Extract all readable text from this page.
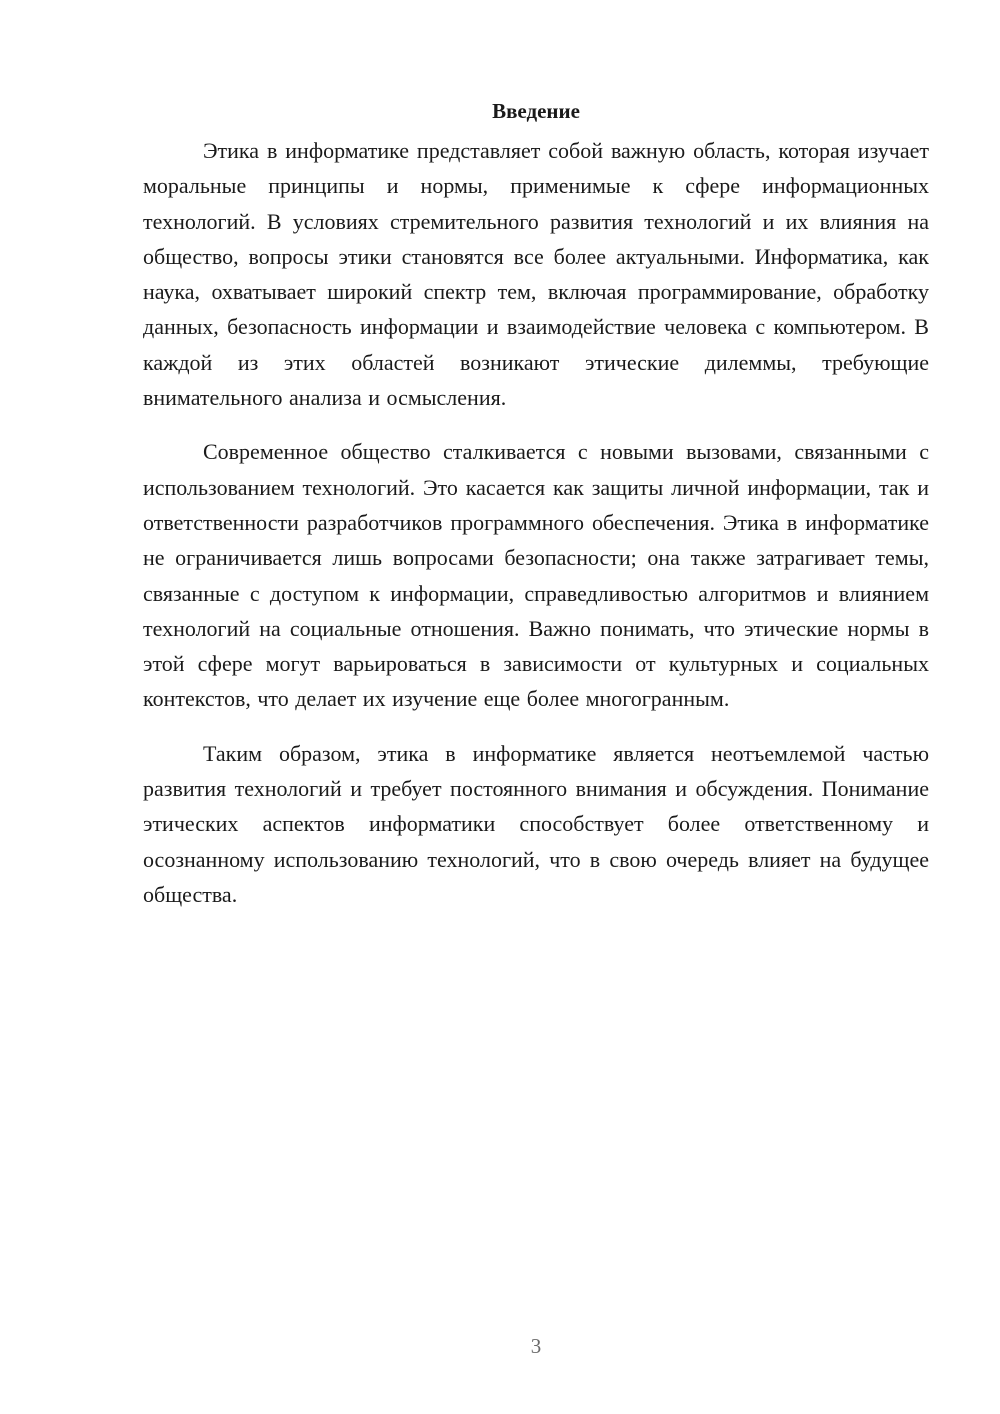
Введение

Этика в информатике представляет собой важную область, которая изучает моральные принципы и нормы, применимые к сфере информационных технологий. В условиях стремительного развития технологий и их влияния на общество, вопросы этики становятся все более актуальными. Информатика, как наука, охватывает широкий спектр тем, включая программирование, обработку данных, безопасность информации и взаимодействие человека с компьютером. В каждой из этих областей возникают этические дилеммы, требующие внимательного анализа и осмысления.

Современное общество сталкивается с новыми вызовами, связанными с использованием технологий. Это касается как защиты личной информации, так и ответственности разработчиков программного обеспечения. Этика в информатике не ограничивается лишь вопросами безопасности; она также затрагивает темы, связанные с доступом к информации, справедливостью алгоритмов и влиянием технологий на социальные отношения. Важно понимать, что этические нормы в этой сфере могут варьироваться в зависимости от культурных и социальных контекстов, что делает их изучение еще более многогранным.

Таким образом, этика в информатике является неотъемлемой частью развития технологий и требует постоянного внимания и обсуждения. Понимание этических аспектов информатики способствует более ответственному и осознанному использованию технологий, что в свою очередь влияет на будущее общества.

3
